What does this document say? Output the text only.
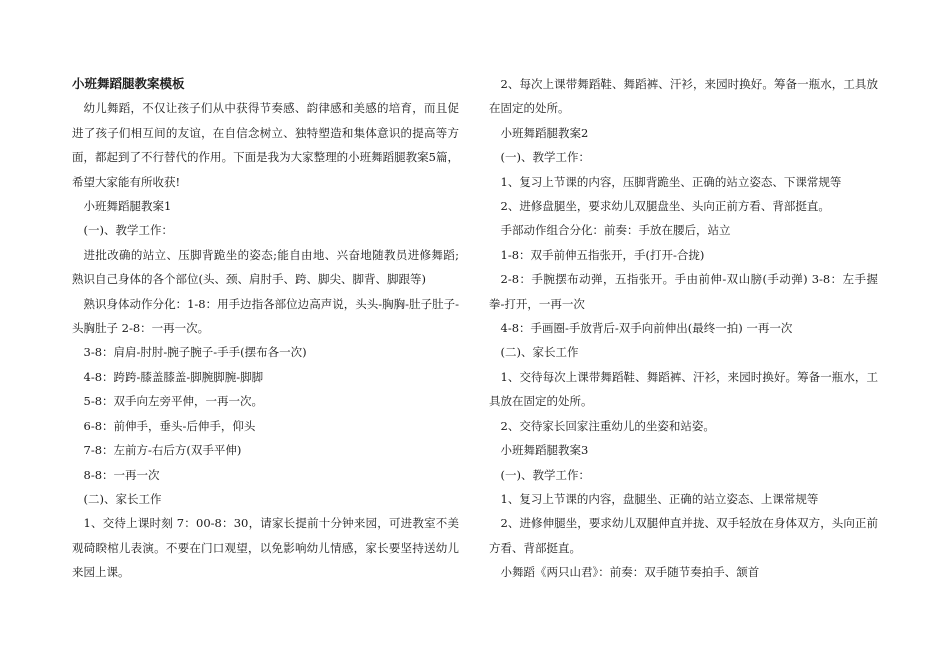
小班舞蹈腿教案模板

幼儿舞蹈，不仅让孩子们从中获得节奏感、韵律感和美感的培育，而且促进了孩子们相互间的友谊，在自信念树立、独特塑造和集体意识的提高等方面，都起到了不行替代的作用。下面是我为大家整理的小班舞蹈腿教案5篇，希望大家能有所收获!

小班舞蹈腿教案1

(一)、教学工作：

进批改确的站立、压脚背跪坐的姿态;能自由地、兴奋地随教员进修舞蹈;熟识自己身体的各个部位(头、颈、肩肘手、跨、脚尖、脚背、脚跟等)

熟识身体动作分化：1-8：用手边指各部位边高声说，头头-胸胸-肚子肚子-头胸肚子 2-8：一再一次。

3-8：肩肩-肘肘-腕子腕子-手手(摆布各一次)

4-8：跨跨-膝盖膝盖-脚腕脚腕-脚脚

5-8：双手向左旁平伸，一再一次。

6-8：前伸手，垂头-后伸手，仰头

7-8：左前方-右后方(双手平伸)

8-8：一再一次

(二)、家长工作

1、交待上课时刻 7：00-8：30，请家长提前十分钟来园，可进教室不美观碕睽棺儿表演。不要在门口观望，以免影响幼儿情感，家长要坚持送幼儿来园上课。

2、每次上课带舞蹈鞋、舞蹈裤、汗衫，来园时换好。筹备一瓶水，工具放在固定的处所。

小班舞蹈腿教案2

(一)、教学工作：

1、复习上节课的内容，压脚背跪坐、正确的站立姿态、下课常规等

2、进修盘腿坐，要求幼儿双腿盘坐、头向正前方看、背部挺直。

手部动作组合分化：前奏：手放在腰后，站立

1-8：双手前伸五指张开，手(打开-合拢)

2-8：手腕摆布动弹，五指张开。手由前伸-双山膀(手动弹) 3-8：左手握拳-打开，一再一次

4-8：手画圈-手放背后-双手向前伸出(最终一拍) 一再一次

(二)、家长工作

1、交待每次上课带舞蹈鞋、舞蹈裤、汗衫，来园时换好。筹备一瓶水，工具放在固定的处所。

2、交待家长回家注重幼儿的坐姿和站姿。

小班舞蹈腿教案3

(一)、教学工作：

1、复习上节课的内容，盘腿坐、正确的站立姿态、上课常规等

2、进修伸腿坐，要求幼儿双腿伸直并拢、双手轻放在身体双方，头向正前方看、背部挺直。

小舞蹈《两只山君》：前奏：双手随节奏拍手、颔首
